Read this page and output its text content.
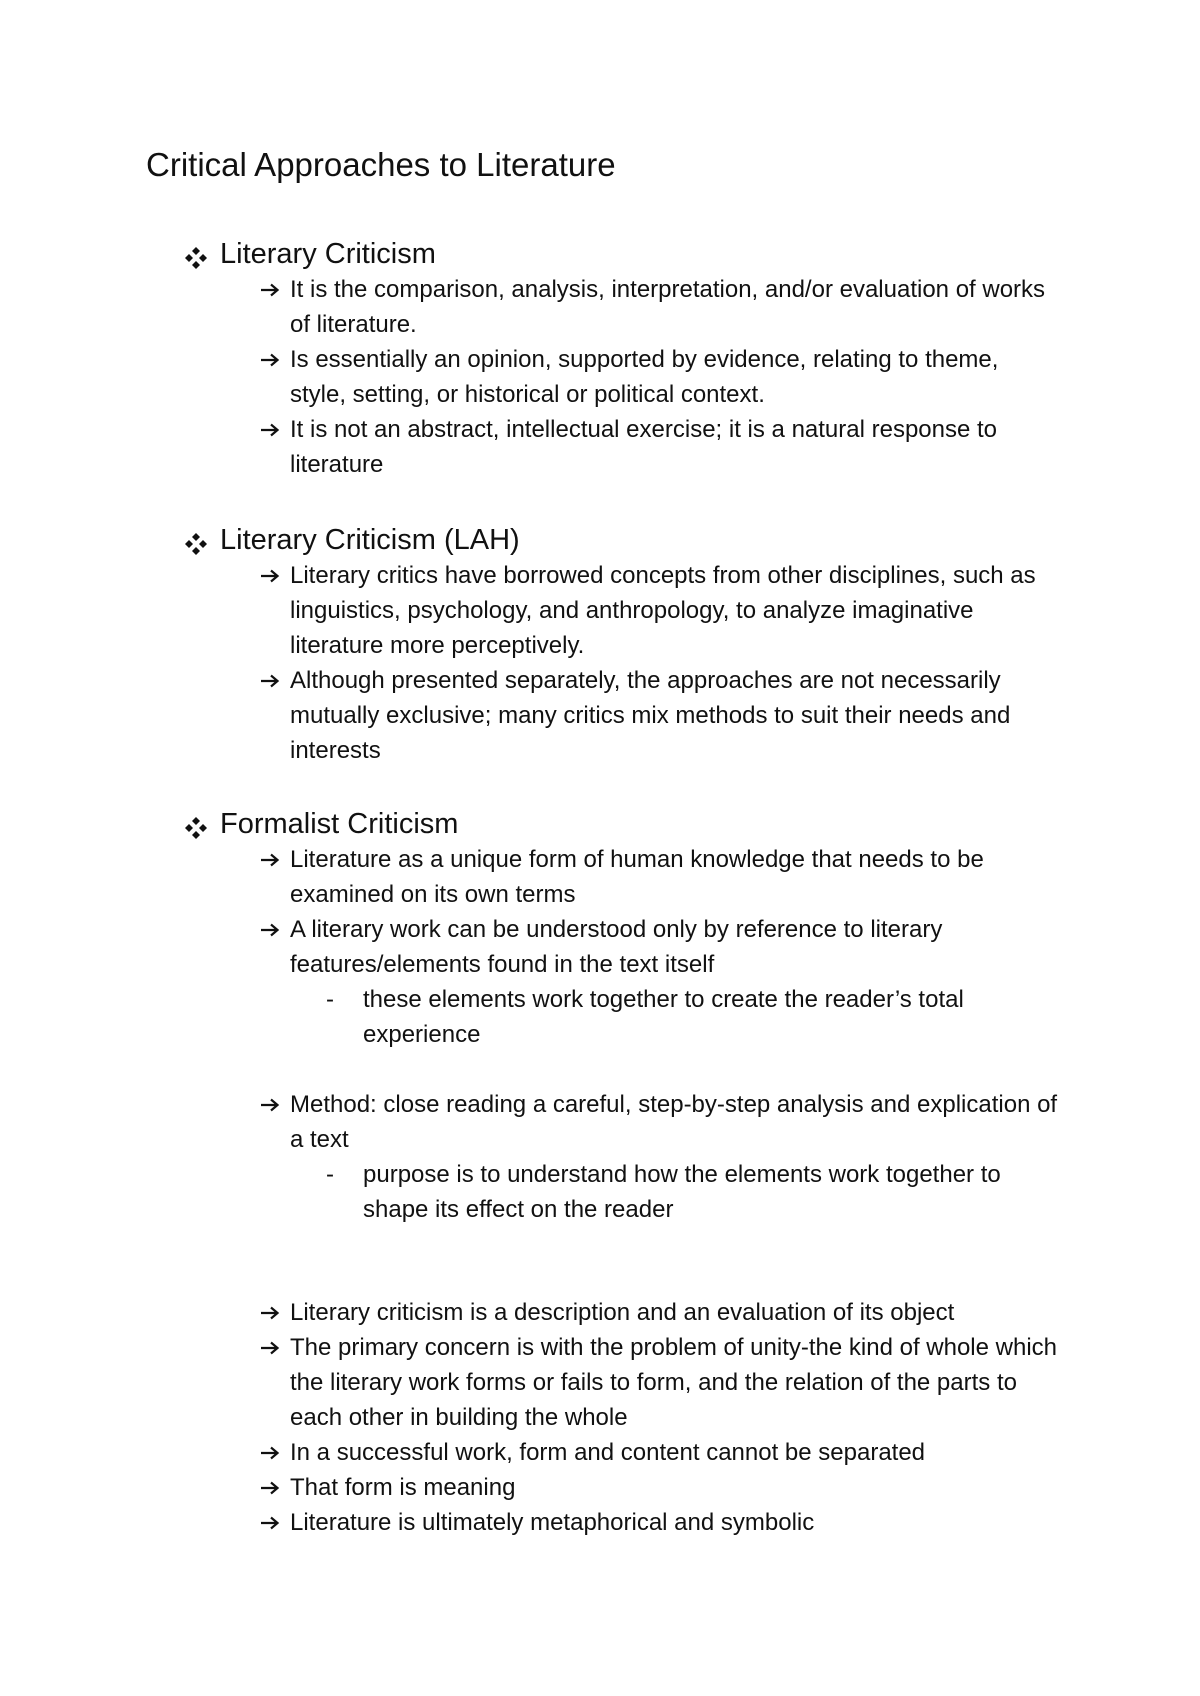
Critical Approaches to Literature
Literary Criticism
It is the comparison, analysis, interpretation, and/or evaluation of works of literature.
Is essentially an opinion, supported by evidence, relating to theme, style, setting, or historical or political context.
It is not an abstract, intellectual exercise; it is a natural response to literature
Literary Criticism (LAH)
Literary critics have borrowed concepts from other disciplines, such as linguistics, psychology, and anthropology, to analyze imaginative literature more perceptively.
Although presented separately, the approaches are not necessarily mutually exclusive; many critics mix methods to suit their needs and interests
Formalist Criticism
Literature as a unique form of human knowledge that needs to be examined on its own terms
A literary work can be understood only by reference to literary features/elements found in the text itself
- these elements work together to create the reader’s total experience
Method: close reading a careful, step-by-step analysis and explication of a text
- purpose is to understand how the elements work together to shape its effect on the reader
Literary criticism is a description and an evaluation of its object
The primary concern is with the problem of unity-the kind of whole which the literary work forms or fails to form, and the relation of the parts to each other in building the whole
In a successful work, form and content cannot be separated
That form is meaning
Literature is ultimately metaphorical and symbolic
